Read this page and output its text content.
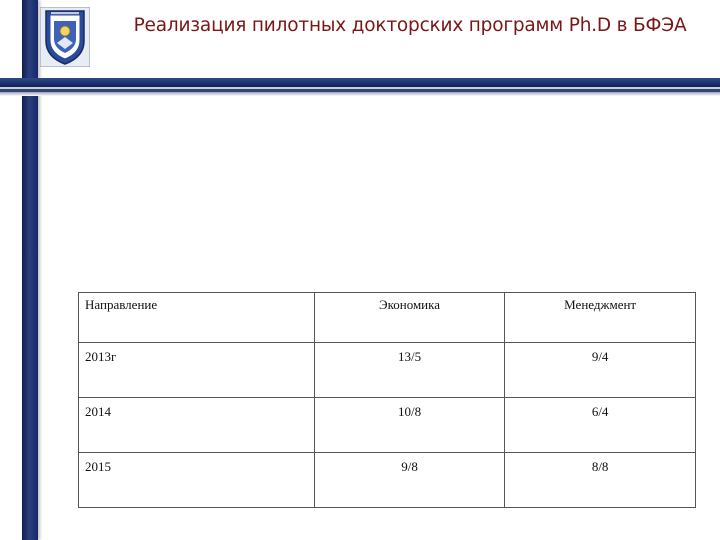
Реализация пилотных докторских программ Ph.D в БФЭА
Направление	Экономика	Менеджмент

2013г	13/5	9/4

2014	10/8	6/4

2015	9/8	8/8
